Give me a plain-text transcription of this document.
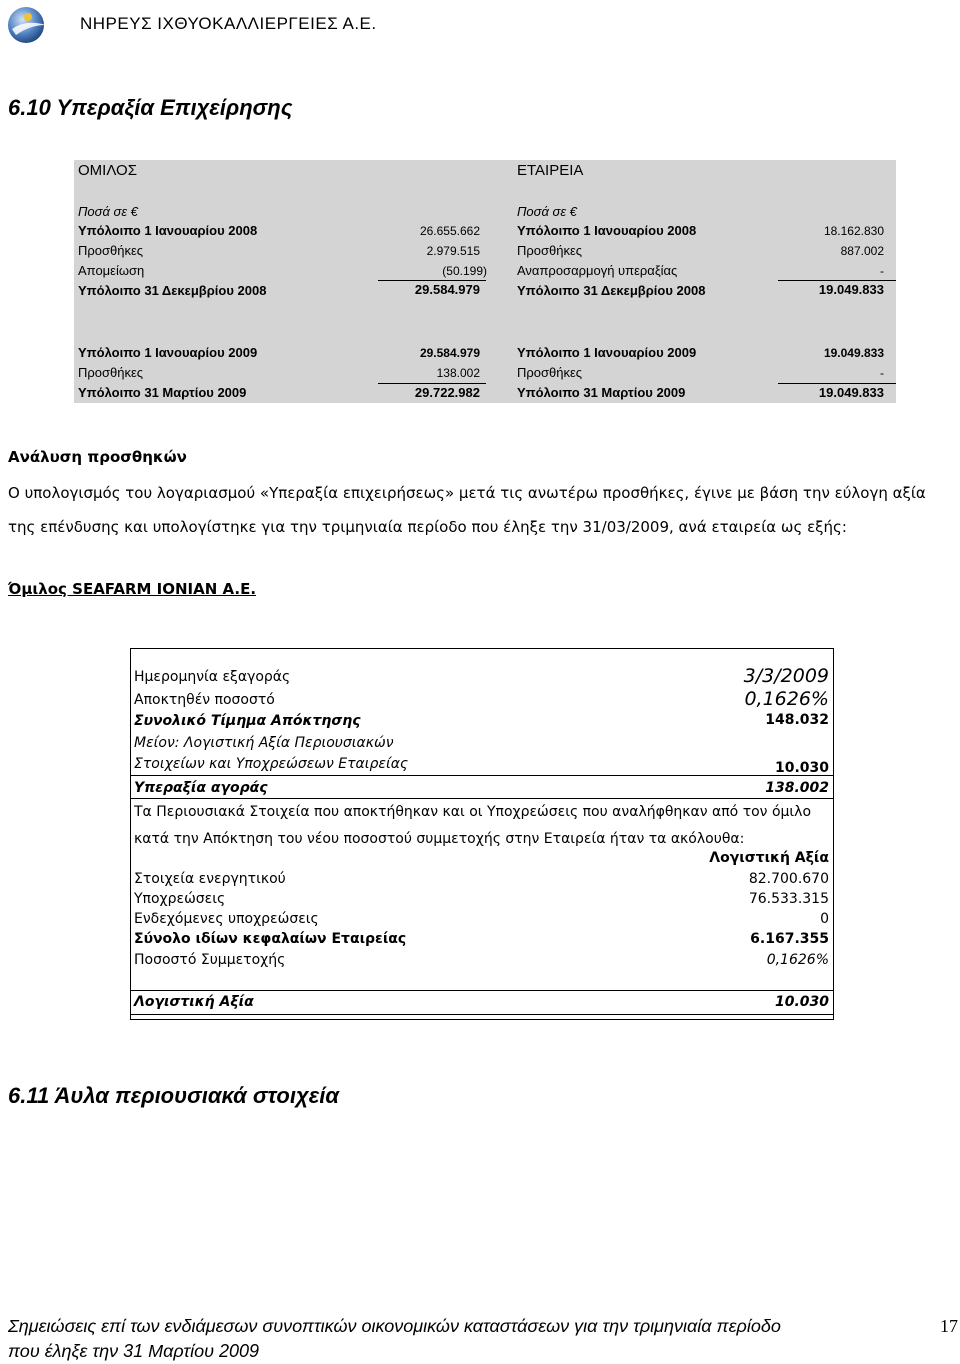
ΝΗΡΕΥΣ ΙΧΘΥΟΚΑΛΛΙΕΡΓΕΙΕΣ Α.Ε.
6.10 Υπεραξία Επιχείρησης
ΟΜΙΛΟΣ
Ποσά σε €
Υπόλοιπο 1 Ιανουαρίου 2008	26.655.662
Προσθήκες	2.979.515
Απομείωση	(50.199)
Υπόλοιπο 31 Δεκεμβρίου 2008	29.584.979
Υπόλοιπο 1 Ιανουαρίου 2009	29.584.979
Προσθήκες	138.002
Υπόλοιπο 31 Μαρτίου 2009	29.722.982
ΕΤΑΙΡΕΙΑ
Ποσά σε €
Υπόλοιπο 1 Ιανουαρίου 2008	18.162.830
Προσθήκες	887.002
Αναπροσαρμογή υπεραξίας	-
Υπόλοιπο 31 Δεκεμβρίου 2008	19.049.833
Υπόλοιπο 1 Ιανουαρίου 2009	19.049.833
Προσθήκες	-
Υπόλοιπο 31 Μαρτίου 2009	19.049.833
Ανάλυση προσθηκών
Ο υπολογισμός του λογαριασμού «Υπεραξία επιχειρήσεως» μετά τις ανωτέρω προσθήκες, έγινε με βάση την εύλογη αξία
της επένδυσης και υπολογίστηκε για την τριμηνιαία περίοδο που έληξε την 31/03/2009, ανά εταιρεία ως εξής:
Όμιλος SEAFARM IONIAN A.E.
Ημερομηνία εξαγοράς	3/3/2009
Αποκτηθέν ποσοστό	0,1626%
Συνολικό Τίμημα Απόκτησης	148.032
Μείον: Λογιστική Αξία Περιουσιακών
Στοιχείων και Υποχρεώσεων Εταιρείας	10.030
Υπεραξία αγοράς	138.002
Τα Περιουσιακά Στοιχεία που αποκτήθηκαν και οι Υποχρεώσεις που αναλήφθηκαν από τον όμιλο
κατά την Απόκτηση του νέου ποσοστού συμμετοχής στην Εταιρεία ήταν τα ακόλουθα:
Λογιστική Αξία
Στοιχεία ενεργητικού	82.700.670
Υποχρεώσεις	76.533.315
Ενδεχόμενες υποχρεώσεις	0
Σύνολο ιδίων κεφαλαίων Εταιρείας	6.167.355
Ποσοστό Συμμετοχής	0,1626%
Λογιστική Αξία	10.030
6.11 Άυλα περιουσιακά στοιχεία
Σημειώσεις επί των ενδιάμεσων συνοπτικών οικονομικών καταστάσεων για την τριμηνιαία περίοδο
που έληξε την 31 Μαρτίου 2009
17
